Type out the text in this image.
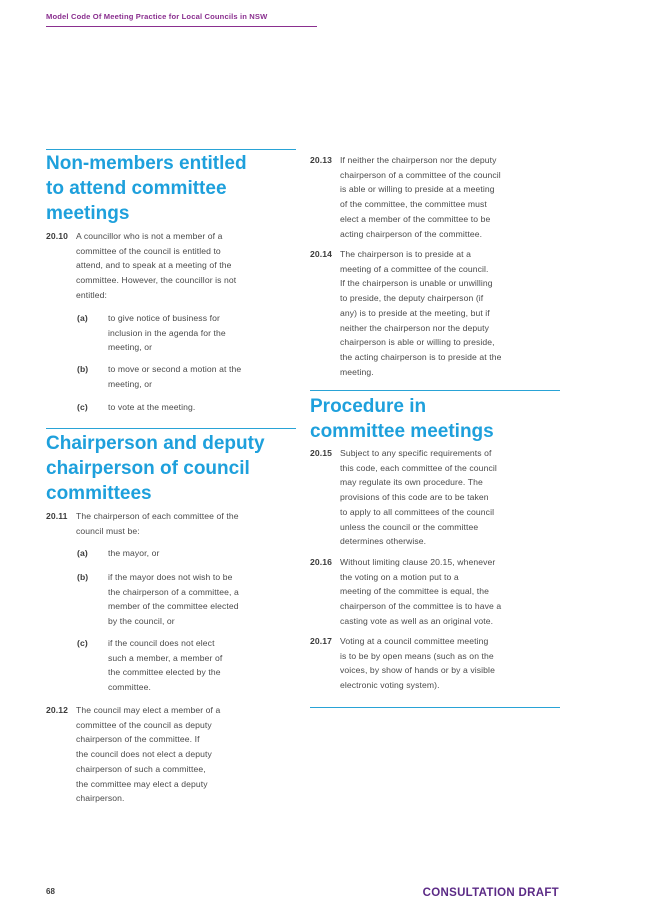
Model Code Of Meeting Practice for Local Councils in NSW
Non-members entitled
to attend committee
meetings
20.10 A councillor who is not a member of a
committee of the council is entitled to
attend, and to speak at a meeting of the
committee. However, the councillor is not
entitled:
(a) to give notice of business for
inclusion in the agenda for the
meeting, or
(b) to move or second a motion at the
meeting, or
(c) to vote at the meeting.
Chairperson and deputy
chairperson of council
committees
20.11 The chairperson of each committee of the
council must be:
(a) the mayor, or
(b) if the mayor does not wish to be
the chairperson of a committee, a
member of the committee elected
by the council, or
(c) if the council does not elect
such a member, a member of
the committee elected by the
committee.
20.12 The council may elect a member of a
committee of the council as deputy
chairperson of the committee. If
the council does not elect a deputy
chairperson of such a committee,
the committee may elect a deputy
chairperson.
20.13 If neither the chairperson nor the deputy
chairperson of a committee of the council
is able or willing to preside at a meeting
of the committee, the committee must
elect a member of the committee to be
acting chairperson of the committee.
20.14 The chairperson is to preside at a
meeting of a committee of the council.
If the chairperson is unable or unwilling
to preside, the deputy chairperson (if
any) is to preside at the meeting, but if
neither the chairperson nor the deputy
chairperson is able or willing to preside,
the acting chairperson is to preside at the
meeting.
Procedure in
committee meetings
20.15 Subject to any specific requirements of
this code, each committee of the council
may regulate its own procedure. The
provisions of this code are to be taken
to apply to all committees of the council
unless the council or the committee
determines otherwise.
20.16 Without limiting clause 20.15, whenever
the voting on a motion put to a
meeting of the committee is equal, the
chairperson of the committee is to have a
casting vote as well as an original vote.
20.17 Voting at a council committee meeting
is to be by open means (such as on the
voices, by show of hands or by a visible
electronic voting system).
68	CONSULTATION DRAFT
